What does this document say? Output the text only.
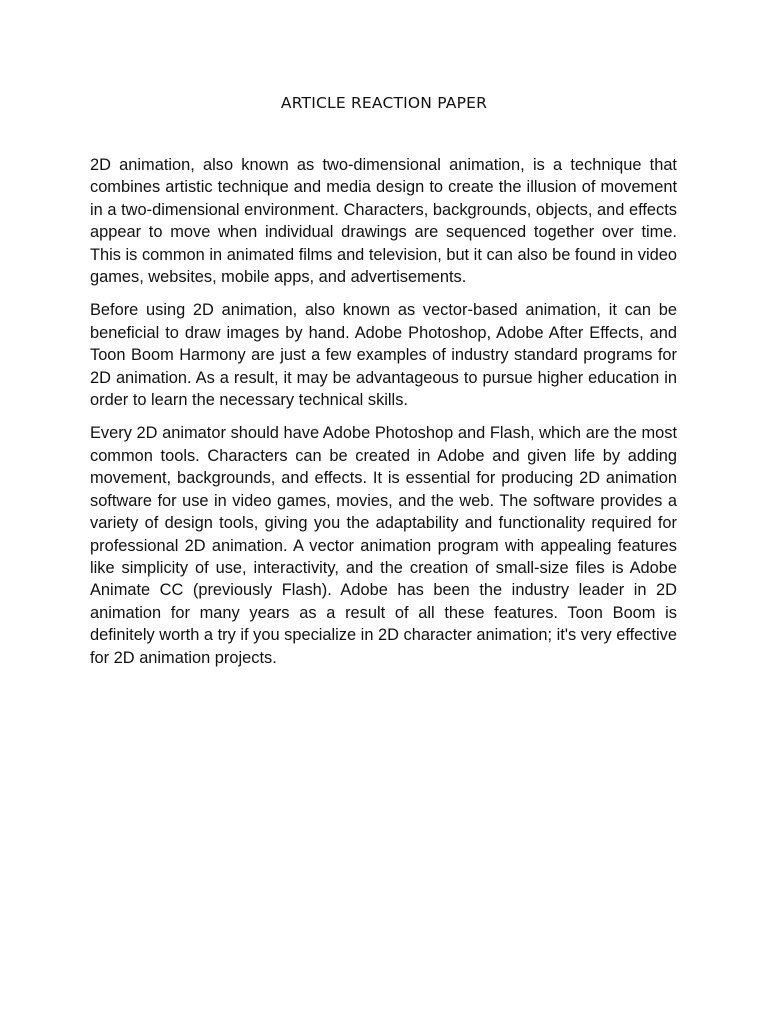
ARTICLE REACTION PAPER

2D animation, also known as two-dimensional animation, is a technique that combines artistic technique and media design to create the illusion of movement in a two-dimensional environment. Characters, backgrounds, objects, and effects appear to move when individual drawings are sequenced together over time. This is common in animated films and television, but it can also be found in video games, websites, mobile apps, and advertisements.

Before using 2D animation, also known as vector-based animation, it can be beneficial to draw images by hand. Adobe Photoshop, Adobe After Effects, and Toon Boom Harmony are just a few examples of industry standard programs for 2D animation. As a result, it may be advantageous to pursue higher education in order to learn the necessary technical skills.

Every 2D animator should have Adobe Photoshop and Flash, which are the most common tools. Characters can be created in Adobe and given life by adding movement, backgrounds, and effects. It is essential for producing 2D animation software for use in video games, movies, and the web. The software provides a variety of design tools, giving you the adaptability and functionality required for professional 2D animation. A vector animation program with appealing features like simplicity of use, interactivity, and the creation of small-size files is Adobe Animate CC (previously Flash). Adobe has been the industry leader in 2D animation for many years as a result of all these features. Toon Boom is definitely worth a try if you specialize in 2D character animation; it's very effective for 2D animation projects.
